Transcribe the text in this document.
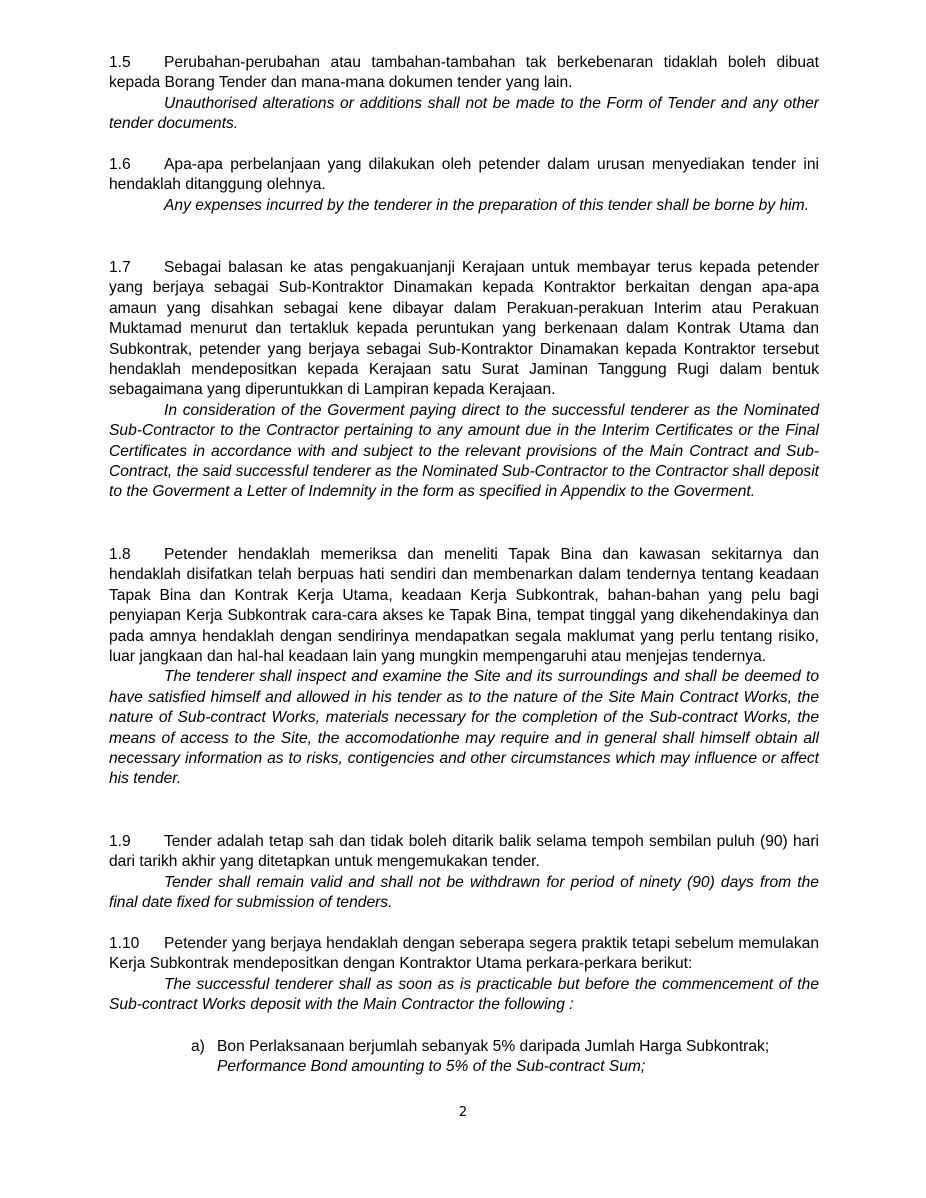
1.5 Perubahan-perubahan atau tambahan-tambahan tak berkebenaran tidaklah boleh dibuat kepada Borang Tender dan mana-mana dokumen tender yang lain.

Unauthorised alterations or additions shall not be made to the Form of Tender and any other tender documents.

1.6 Apa-apa perbelanjaan yang dilakukan oleh petender dalam urusan menyediakan tender ini hendaklah ditanggung olehnya.

Any expenses incurred by the tenderer in the preparation of this tender shall be borne by him.

1.7 Sebagai balasan ke atas pengakuanjanji Kerajaan untuk membayar terus kepada petender yang berjaya sebagai Sub-Kontraktor Dinamakan kepada Kontraktor berkaitan dengan apa-apa amaun yang disahkan sebagai kene dibayar dalam Perakuan-perakuan Interim atau Perakuan Muktamad menurut dan tertakluk kepada peruntukan yang berkenaan dalam Kontrak Utama dan Subkontrak, petender yang berjaya sebagai Sub-Kontraktor Dinamakan kepada Kontraktor tersebut hendaklah mendepositkan kepada Kerajaan satu Surat Jaminan Tanggung Rugi dalam bentuk sebagaimana yang diperuntukkan di Lampiran kepada Kerajaan.

In consideration of the Goverment paying direct to the successful tenderer as the Nominated Sub-Contractor to the Contractor pertaining to any amount due in the Interim Certificates or the Final Certificates in accordance with and subject to the relevant provisions of the Main Contract and Sub-Contract, the said successful tenderer as the Nominated Sub-Contractor to the Contractor shall deposit to the Goverment a Letter of Indemnity in the form as specified in Appendix to the Goverment.

1.8 Petender hendaklah memeriksa dan meneliti Tapak Bina dan kawasan sekitarnya dan hendaklah disifatkan telah berpuas hati sendiri dan membenarkan dalam tendernya tentang keadaan Tapak Bina dan Kontrak Kerja Utama, keadaan Kerja Subkontrak, bahan-bahan yang pelu bagi penyiapan Kerja Subkontrak cara-cara akses ke Tapak Bina, tempat tinggal yang dikehendakinya dan pada amnya hendaklah dengan sendirinya mendapatkan segala maklumat yang perlu tentang risiko, luar jangkaan dan hal-hal keadaan lain yang mungkin mempengaruhi atau menjejas tendernya.

The tenderer shall inspect and examine the Site and its surroundings and shall be deemed to have satisfied himself and allowed in his tender as to the nature of the Site Main Contract Works, the nature of Sub-contract Works, materials necessary for the completion of the Sub-contract Works, the means of access to the Site, the accomodationhe may require and in general shall himself obtain all necessary information as to risks, contigencies and other circumstances which may influence or affect his tender.

1.9 Tender adalah tetap sah dan tidak boleh ditarik balik selama tempoh sembilan puluh (90) hari dari tarikh akhir yang ditetapkan untuk mengemukakan tender.

Tender shall remain valid and shall not be withdrawn for period of ninety (90) days from the final date fixed for submission of tenders.

1.10 Petender yang berjaya hendaklah dengan seberapa segera praktik tetapi sebelum memulakan Kerja Subkontrak mendepositkan dengan Kontraktor Utama perkara-perkara berikut:

The successful tenderer shall as soon as is practicable but before the commencement of the Sub-contract Works deposit with the Main Contractor the following :

a) Bon Perlaksanaan berjumlah sebanyak 5% daripada Jumlah Harga Subkontrak;
Performance Bond amounting to 5% of the Sub-contract Sum;
2
